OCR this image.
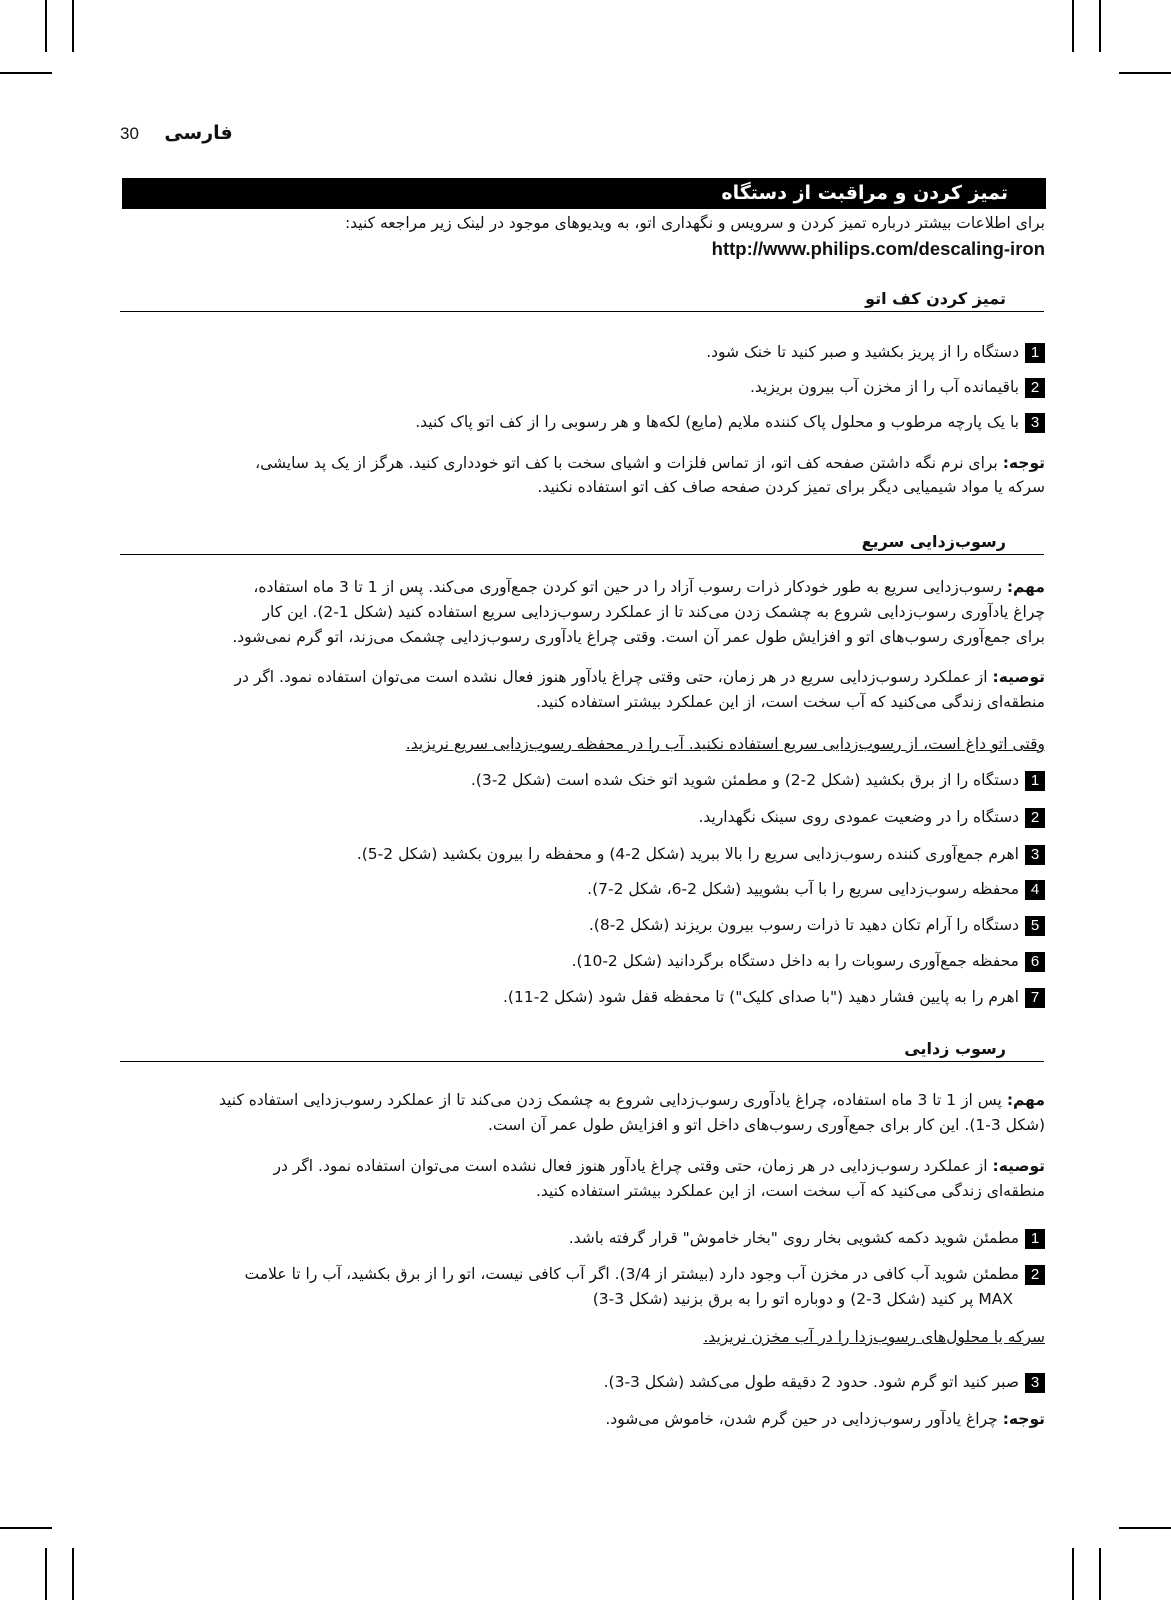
30 فارسی
تمیز کردن و مراقبت از دستگاه
برای اطلاعات بیشتر درباره تمیز کردن و سرویس و نگهداری اتو، به ویدیوهای موجود در لینک زیر مراجعه کنید:
http://www.philips.com/descaling-iron
تمیز کردن کف اتو
1دستگاه را از پریز بکشید و صبر کنید تا خنک شود.
2باقیمانده آب را از مخزن آب بیرون بریزید.
3با یک پارچه مرطوب و محلول پاک کننده ملایم (مایع) لکه‌ها و هر رسوبی را از کف اتو پاک کنید.
توجه: برای نرم نگه داشتن صفحه کف اتو، از تماس فلزات و اشیای سخت با کف اتو خودداری کنید. هرگز از یک پد سایشی،
سرکه یا مواد شیمیایی دیگر برای تمیز کردن صفحه صاف کف اتو استفاده نکنید.
رسوب‌زدایی سریع
مهم: رسوب‌زدایی سریع به طور خودکار ذرات رسوب آزاد را در حین اتو کردن جمع‌آوری می‌کند. پس از 1 تا 3 ماه استفاده،
چراغ یادآوری رسوب‌زدایی شروع به چشمک زدن می‌کند تا از عملکرد رسوب‌زدایی سریع استفاده کنید (شکل 1-2). این کار
برای جمع‌آوری رسوب‌های اتو و افزایش طول عمر آن است. وقتی چراغ یادآوری رسوب‌زدایی چشمک می‌زند، اتو گرم نمی‌شود.
توصیه: از عملکرد رسوب‌زدایی سریع در هر زمان، حتی وقتی چراغ یادآور هنوز فعال نشده است می‌توان استفاده نمود. اگر در
منطقه‌ای زندگی می‌کنید که آب سخت است، از این عملکرد بیشتر استفاده کنید.
وقتی اتو داغ است، از رسوب‌زدایی سریع استفاده نکنید. آب را در محفظه رسوب‌زدایی سریع نریزید.
1دستگاه را از برق بکشید (شکل 2-2) و مطمئن شوید اتو خنک شده است (شکل 2-3).
2دستگاه را در وضعیت عمودی روی سینک نگهدارید.
3اهرم جمع‌آوری کننده رسوب‌زدایی سریع را بالا ببرید (شکل 2-4) و محفظه را بیرون بکشید (شکل 2-5).
4محفظه رسوب‌زدایی سریع را با آب بشویید (شکل 2-6، شکل 2-7).
5دستگاه را آرام تکان دهید تا ذرات رسوب بیرون بریزند (شکل 2-8).
6محفظه جمع‌آوری رسوبات را به داخل دستگاه برگردانید (شکل 2-10).
7اهرم را به پایین فشار دهید ("با صدای کلیک") تا محفظه قفل شود (شکل 2-11).
رسوب زدایی
مهم: پس از 1 تا 3 ماه استفاده، چراغ یادآوری رسوب‌زدایی شروع به چشمک زدن می‌کند تا از عملکرد رسوب‌زدایی استفاده کنید
(شکل 3-1). این کار برای جمع‌آوری رسوب‌های داخل اتو و افزایش طول عمر آن است.
توصیه: از عملکرد رسوب‌زدایی در هر زمان، حتی وقتی چراغ یادآور هنوز فعال نشده است می‌توان استفاده نمود. اگر در
منطقه‌ای زندگی می‌کنید که آب سخت است، از این عملکرد بیشتر استفاده کنید.
1مطمئن شوید دکمه کشویی بخار روی "بخار خاموش" قرار گرفته باشد.
2مطمئن شوید آب کافی در مخزن آب وجود دارد (بیشتر از 3/4). اگر آب کافی نیست، اتو را از برق بکشید، آب را تا علامت
MAX پر کنید (شکل 3-2) و دوباره اتو را به برق بزنید (شکل 3-3)
سرکه یا محلول‌های رسوب‌زدا را در آب مخزن نریزید.
3صبر کنید اتو گرم شود. حدود 2 دقیقه طول می‌کشد (شکل 3-3).
توجه: چراغ یادآور رسوب‌زدایی در حین گرم شدن، خاموش می‌شود.
